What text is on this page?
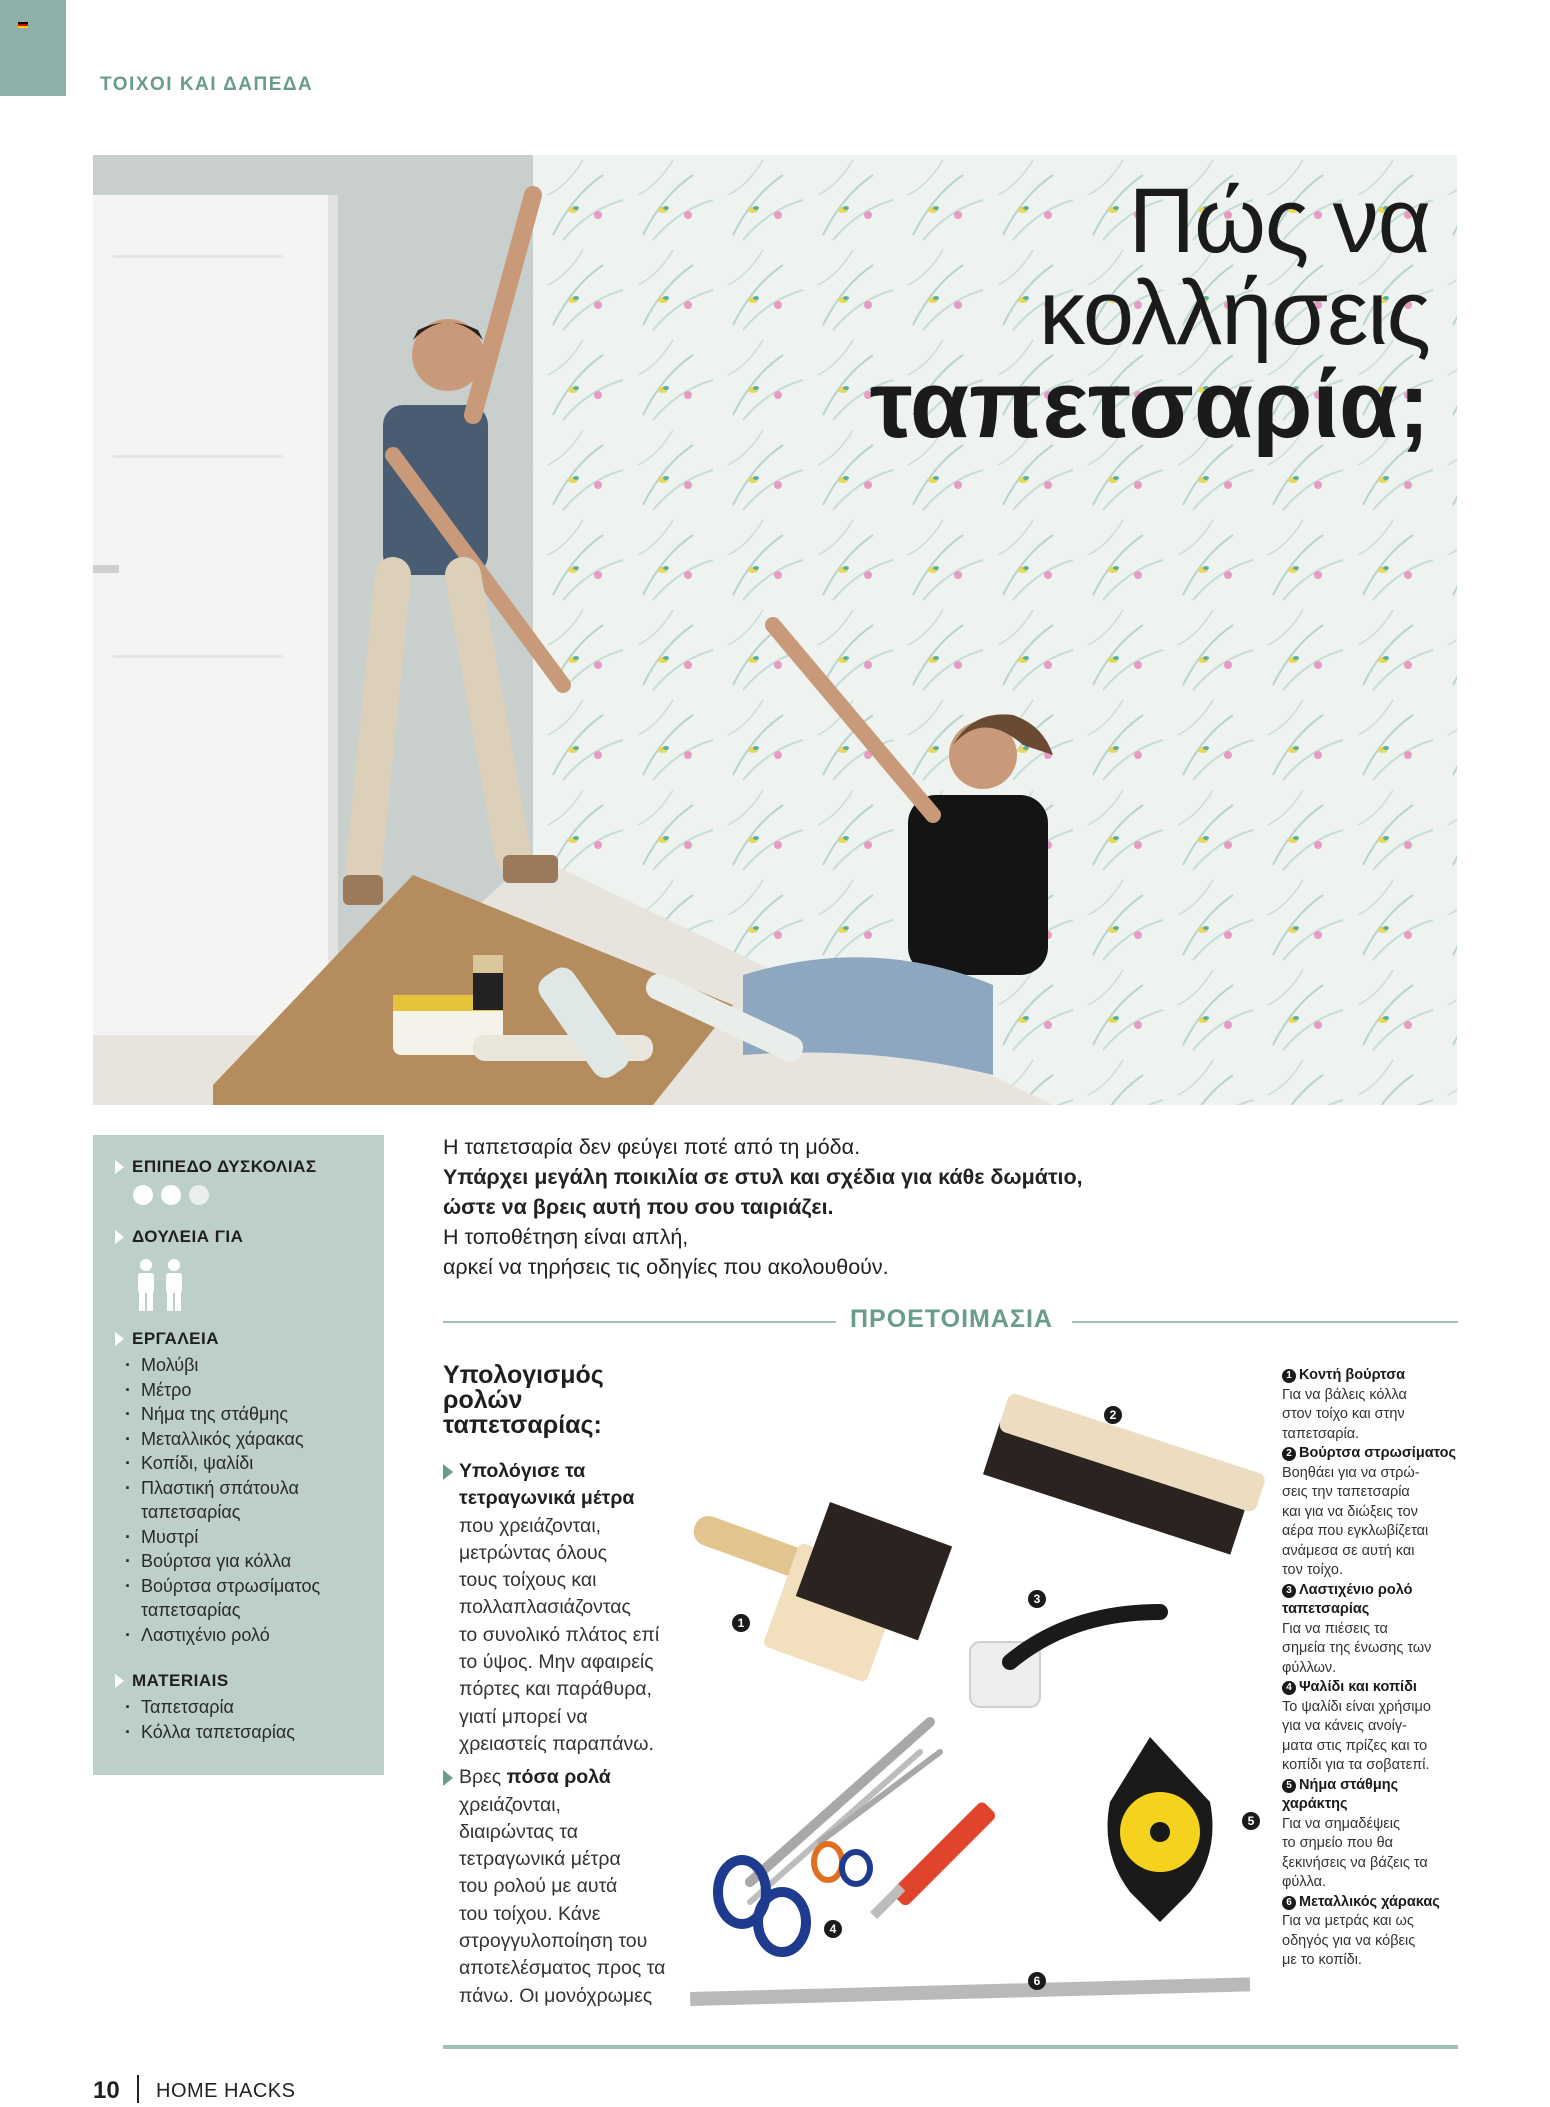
ΤΟΙΧΟΙ ΚΑΙ ΔΑΠΕΔΑ
Πώς να
κολλήσεις
ταπετσαρία;
ΕΠΙΠΕΔΟ ΔΥΣΚΟΛΙΑΣ
ΔΟΥΛΕΙΑ ΓΙΑ
ΕΡΓΑΛΕΙΑ
· Μολύβι
· Μέτρο
· Νήμα της στάθμης
· Μεταλλικός χάρακας
· Κοπίδι, ψαλίδι
· Πλαστική σπάτουλα
ταπετσαρίας
· Μυστρί
· Βούρτσα για κόλλα
· Βούρτσα στρωσίματος
ταπετσαρίας
· Λαστιχένιο ρολό
MATERIAIS
· Ταπετσαρία
· Κόλλα ταπετσαρίας
Η ταπετσαρία δεν φεύγει ποτέ από τη μόδα.
Υπάρχει μεγάλη ποικιλία σε στυλ και σχέδια για κάθε δωμάτιο,
ώστε να βρεις αυτή που σου ταιριάζει.
Η τοποθέτηση είναι απλή,
αρκεί να τηρήσεις τις οδηγίες που ακολουθούν.
ΠΡΟΕΤΟΙΜΑΣΙΑ
Υπολογισμός
ρολών
ταπετσαρίας:
Υπολόγισε τα
τετραγωνικά μέτρα
που χρειάζονται,
μετρώντας όλους
τους τοίχους και
πολλαπλασιάζοντας
το συνολικό πλάτος επί
το ύψος. Μην αφαιρείς
πόρτες και παράθυρα,
γιατί μπορεί να
χρειαστείς παραπάνω.
Βρες πόσα ρολά
χρειάζονται,
διαιρώντας τα
τετραγωνικά μέτρα
του ρολού με αυτά
του τοίχου. Κάνε
στρογγυλοποίηση του
αποτελέσματος προς τα
πάνω. Οι μονόχρωμες
1
2
3
4
5
6
1 Κοντή βούρτσα
Για να βάλεις κόλλα
στον τοίχο και στην
ταπετσαρία.
2 Βούρτσα στρωσίματος
Βοηθάει για να στρώ-
σεις την ταπετσαρία
και για να διώξεις τον
αέρα που εγκλωβίζεται
ανάμεσα σε αυτή και
τον τοίχο.
3 Λαστιχένιο ρολό ταπετσαρίας
Για να πιέσεις τα
σημεία της ένωσης των
φύλλων.
4 Ψαλίδι και κοπίδι
Το ψαλίδι είναι χρήσιμο
για να κάνεις ανοίγ-
ματα στις πρίζες και το
κοπίδι για τα σοβατεπί.
5 Νήμα στάθμης χαράκτης
Για να σημαδέψεις
το σημείο που θα
ξεκινήσεις να βάζεις τα
φύλλα.
6 Μεταλλικός χάρακας
Για να μετράς και ως
οδηγός για να κόβεις
με το κοπίδι.
10 HOME HACKS
